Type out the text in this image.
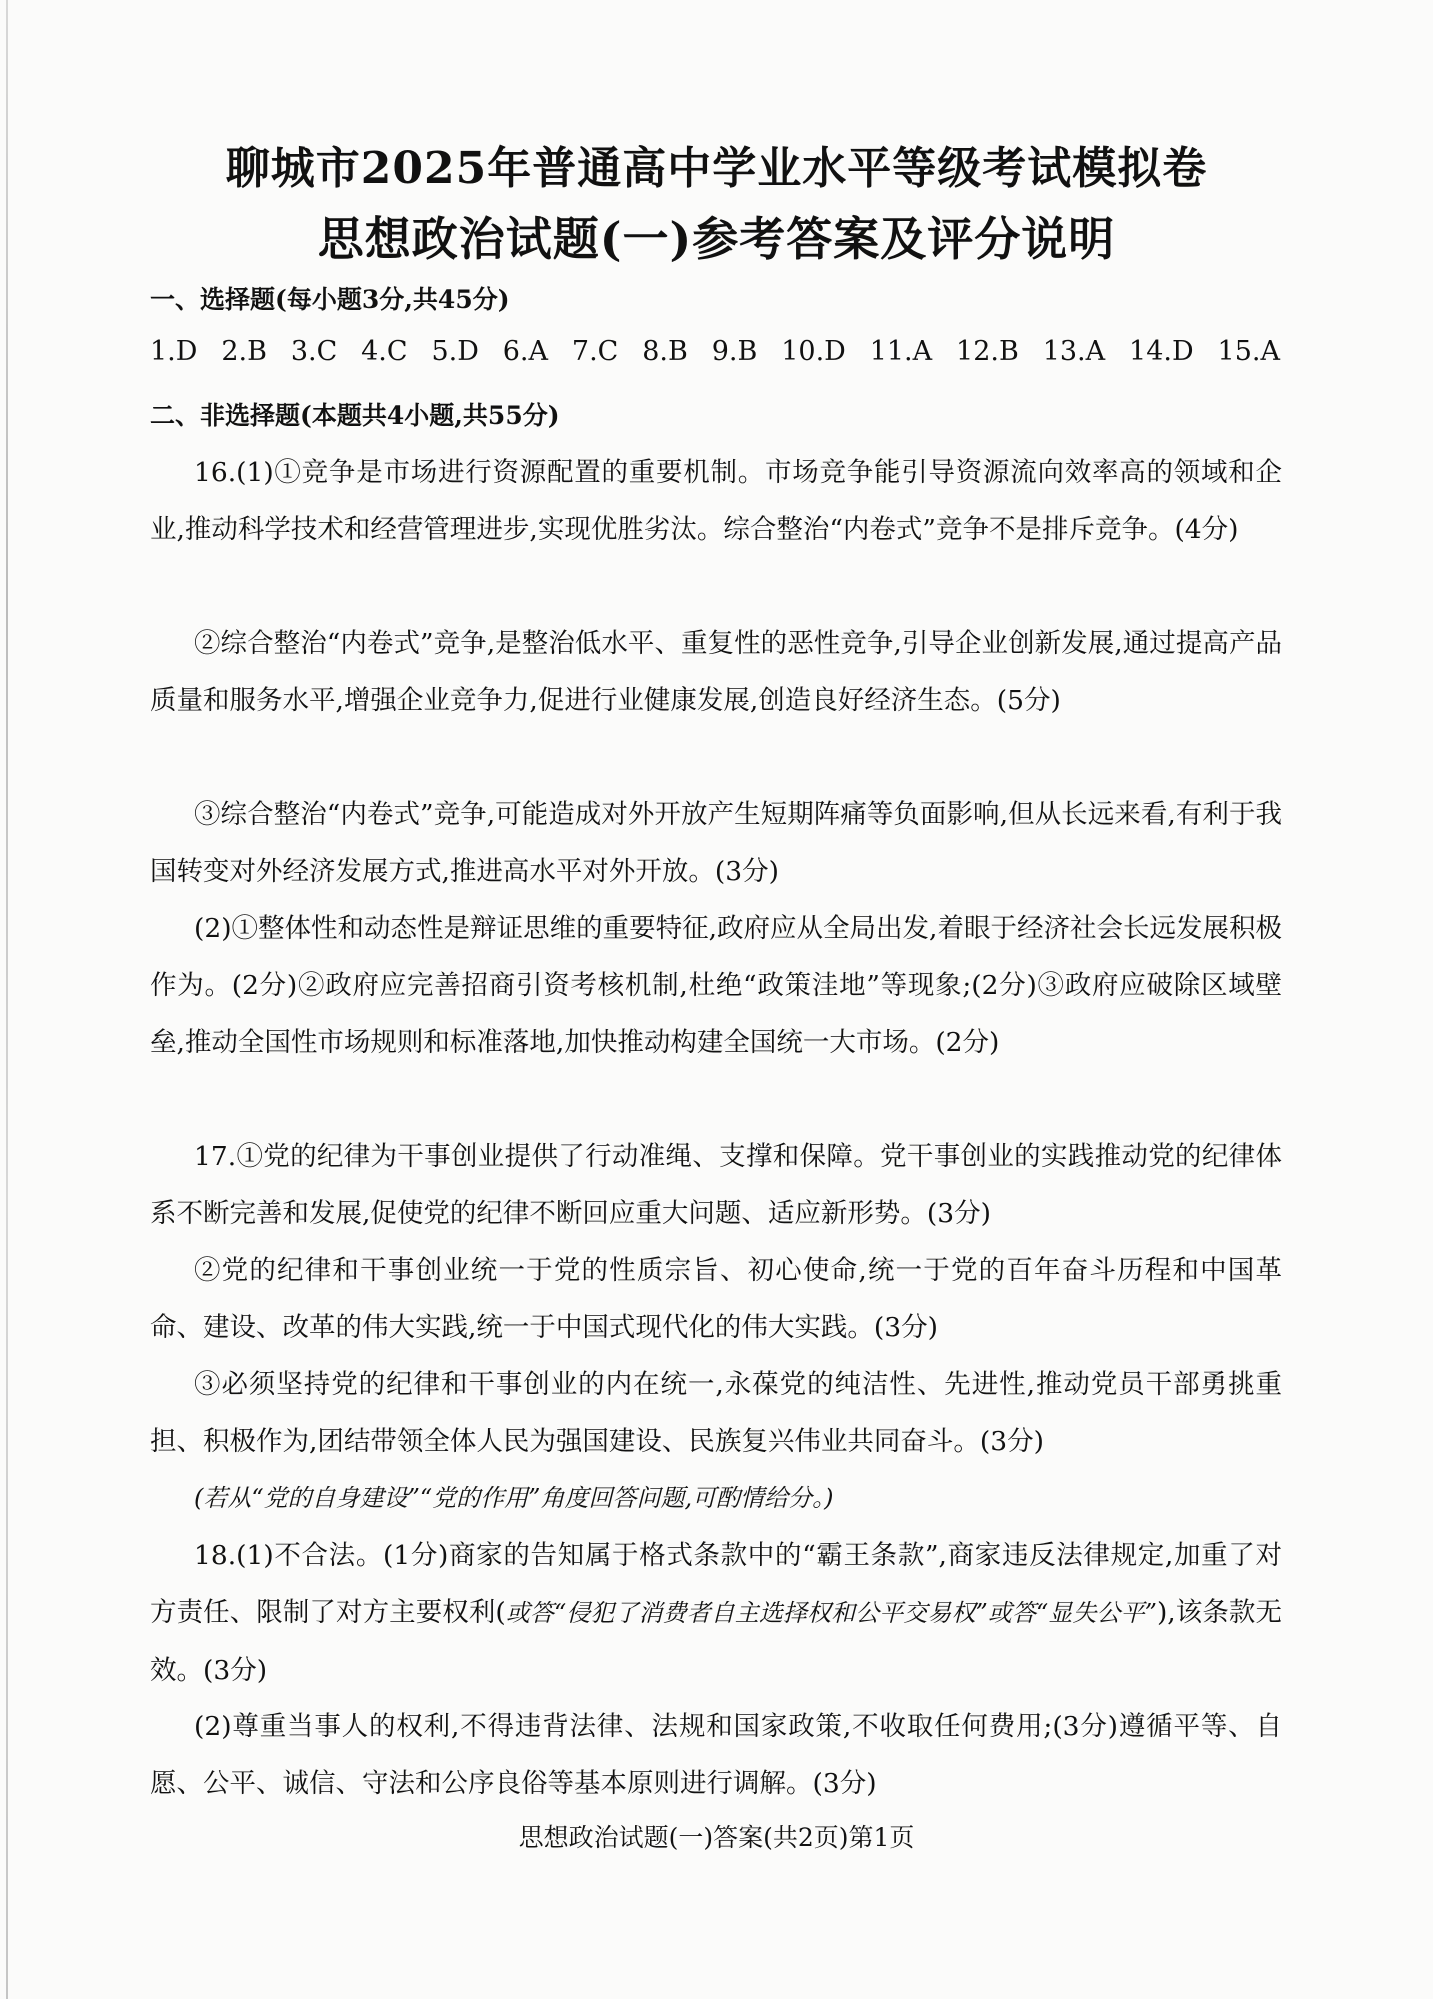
聊城市2025年普通高中学业水平等级考试模拟卷
思想政治试题(一)参考答案及评分说明
一、选择题(每小题3分,共45分)
1.D 2.B 3.C 4.C 5.D 6.A 7.C 8.B 9.B 10.D 11.A 12.B 13.A 14.D 15.A
二、非选择题(本题共4小题,共55分)
16.(1)①竞争是市场进行资源配置的重要机制。市场竞争能引导资源流向效率高的领域和企业,推动科学技术和经营管理进步,实现优胜劣汰。综合整治“内卷式”竞争不是排斥竞争。(4分)
②综合整治“内卷式”竞争,是整治低水平、重复性的恶性竞争,引导企业创新发展,通过提高产品质量和服务水平,增强企业竞争力,促进行业健康发展,创造良好经济生态。(5分)
③综合整治“内卷式”竞争,可能造成对外开放产生短期阵痛等负面影响,但从长远来看,有利于我国转变对外经济发展方式,推进高水平对外开放。(3分)
(2)①整体性和动态性是辩证思维的重要特征,政府应从全局出发,着眼于经济社会长远发展积极作为。(2分)②政府应完善招商引资考核机制,杜绝“政策洼地”等现象;(2分)③政府应破除区域壁垒,推动全国性市场规则和标准落地,加快推动构建全国统一大市场。(2分)
17.①党的纪律为干事创业提供了行动准绳、支撑和保障。党干事创业的实践推动党的纪律体系不断完善和发展,促使党的纪律不断回应重大问题、适应新形势。(3分)
②党的纪律和干事创业统一于党的性质宗旨、初心使命,统一于党的百年奋斗历程和中国革命、建设、改革的伟大实践,统一于中国式现代化的伟大实践。(3分)
③必须坚持党的纪律和干事创业的内在统一,永葆党的纯洁性、先进性,推动党员干部勇挑重担、积极作为,团结带领全体人民为强国建设、民族复兴伟业共同奋斗。(3分)
(若从“党的自身建设”“党的作用”角度回答问题,可酌情给分。)
18.(1)不合法。(1分)商家的告知属于格式条款中的“霸王条款”,商家违反法律规定,加重了对方责任、限制了对方主要权利(或答“侵犯了消费者自主选择权和公平交易权”或答“显失公平”),该条款无效。(3分)
(2)尊重当事人的权利,不得违背法律、法规和国家政策,不收取任何费用;(3分)遵循平等、自愿、公平、诚信、守法和公序良俗等基本原则进行调解。(3分)
思想政治试题(一)答案(共2页)第1页
